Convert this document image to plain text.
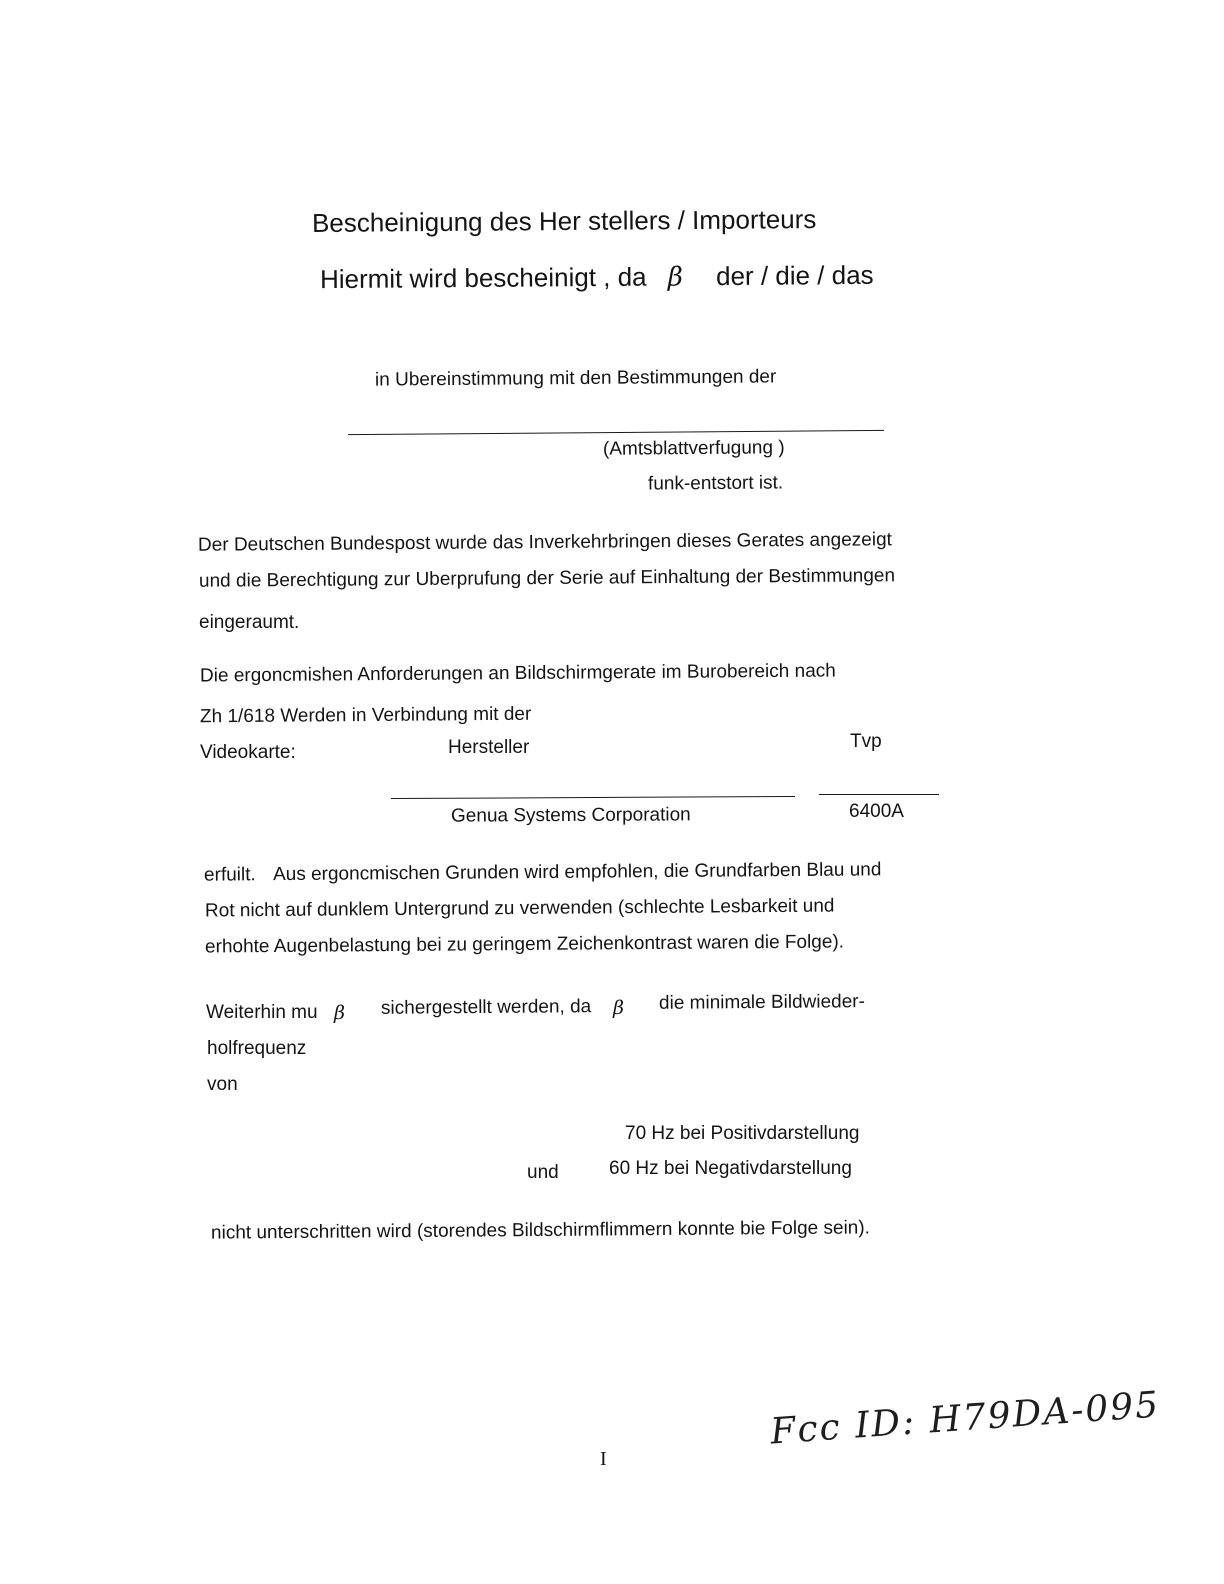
Bescheinigung des Her stellers / Importeurs
Hiermit wird bescheinigt , da β der / die / das
in Ubereinstimmung mit den Bestimmungen der
(Amtsblattverfugung )
funk-entstort ist.
Der Deutschen Bundespost wurde das Inverkehrbringen dieses Gerates angezeigt
und die Berechtigung zur Uberprufung der Serie auf Einhaltung der Bestimmungen
eingeraumt.
Die ergoncmishen Anforderungen an Bildschirmgerate im Burobereich nach
Zh 1/618 Werden in Verbindung mit der
Videokarte:	Hersteller	Tvp
Genua Systems Corporation	6400A
erfuilt. Aus ergoncmischen Grunden wird empfohlen, die Grundfarben Blau und
Rot nicht auf dunklem Untergrund zu verwenden (schlechte Lesbarkeit und
erhohte Augenbelastung bei zu geringem Zeichenkontrast waren die Folge).
Weiterhin mu β sichergestellt werden, da β die minimale Bildwieder-
holfrequenz
von
70 Hz bei Positivdarstellung
und	60 Hz bei Negativdarstellung
nicht unterschritten wird (storendes Bildschirmflimmern konnte bie Folge sein).
Fcc ID: H79DA-095
I
